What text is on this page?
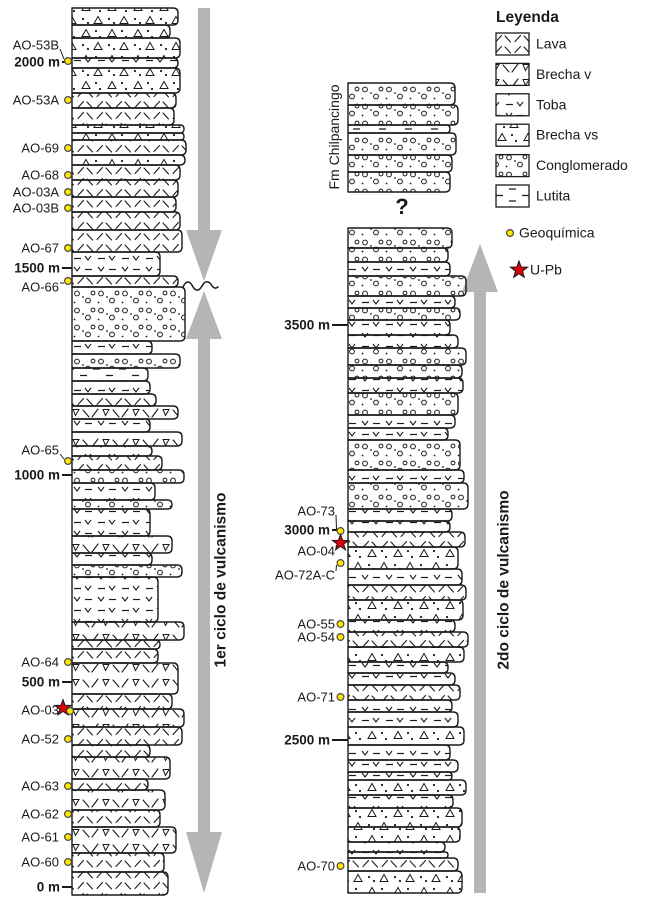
1er ciclo de vulcanismo	2do ciclo de vulcanismo
Fm Chilpancingo
?
2000 m
1500 m
1000 m
500 m
0 m
3500 m
3000 m
2500 m
AO-53B
AO-53A
AO-69
AO-68
AO-03A
AO-03B
AO-67
AO-66
AO-65
AO-64
AO-03
AO-52
AO-63
AO-62
AO-61
AO-60
AO-73
AO-04
AO-72A-C
AO-55
AO-54
AO-71
AO-70
Leyenda
Lava
Brecha v
Toba
Brecha vs
Conglomerado
Lutita
Geoquímica
U-Pb
